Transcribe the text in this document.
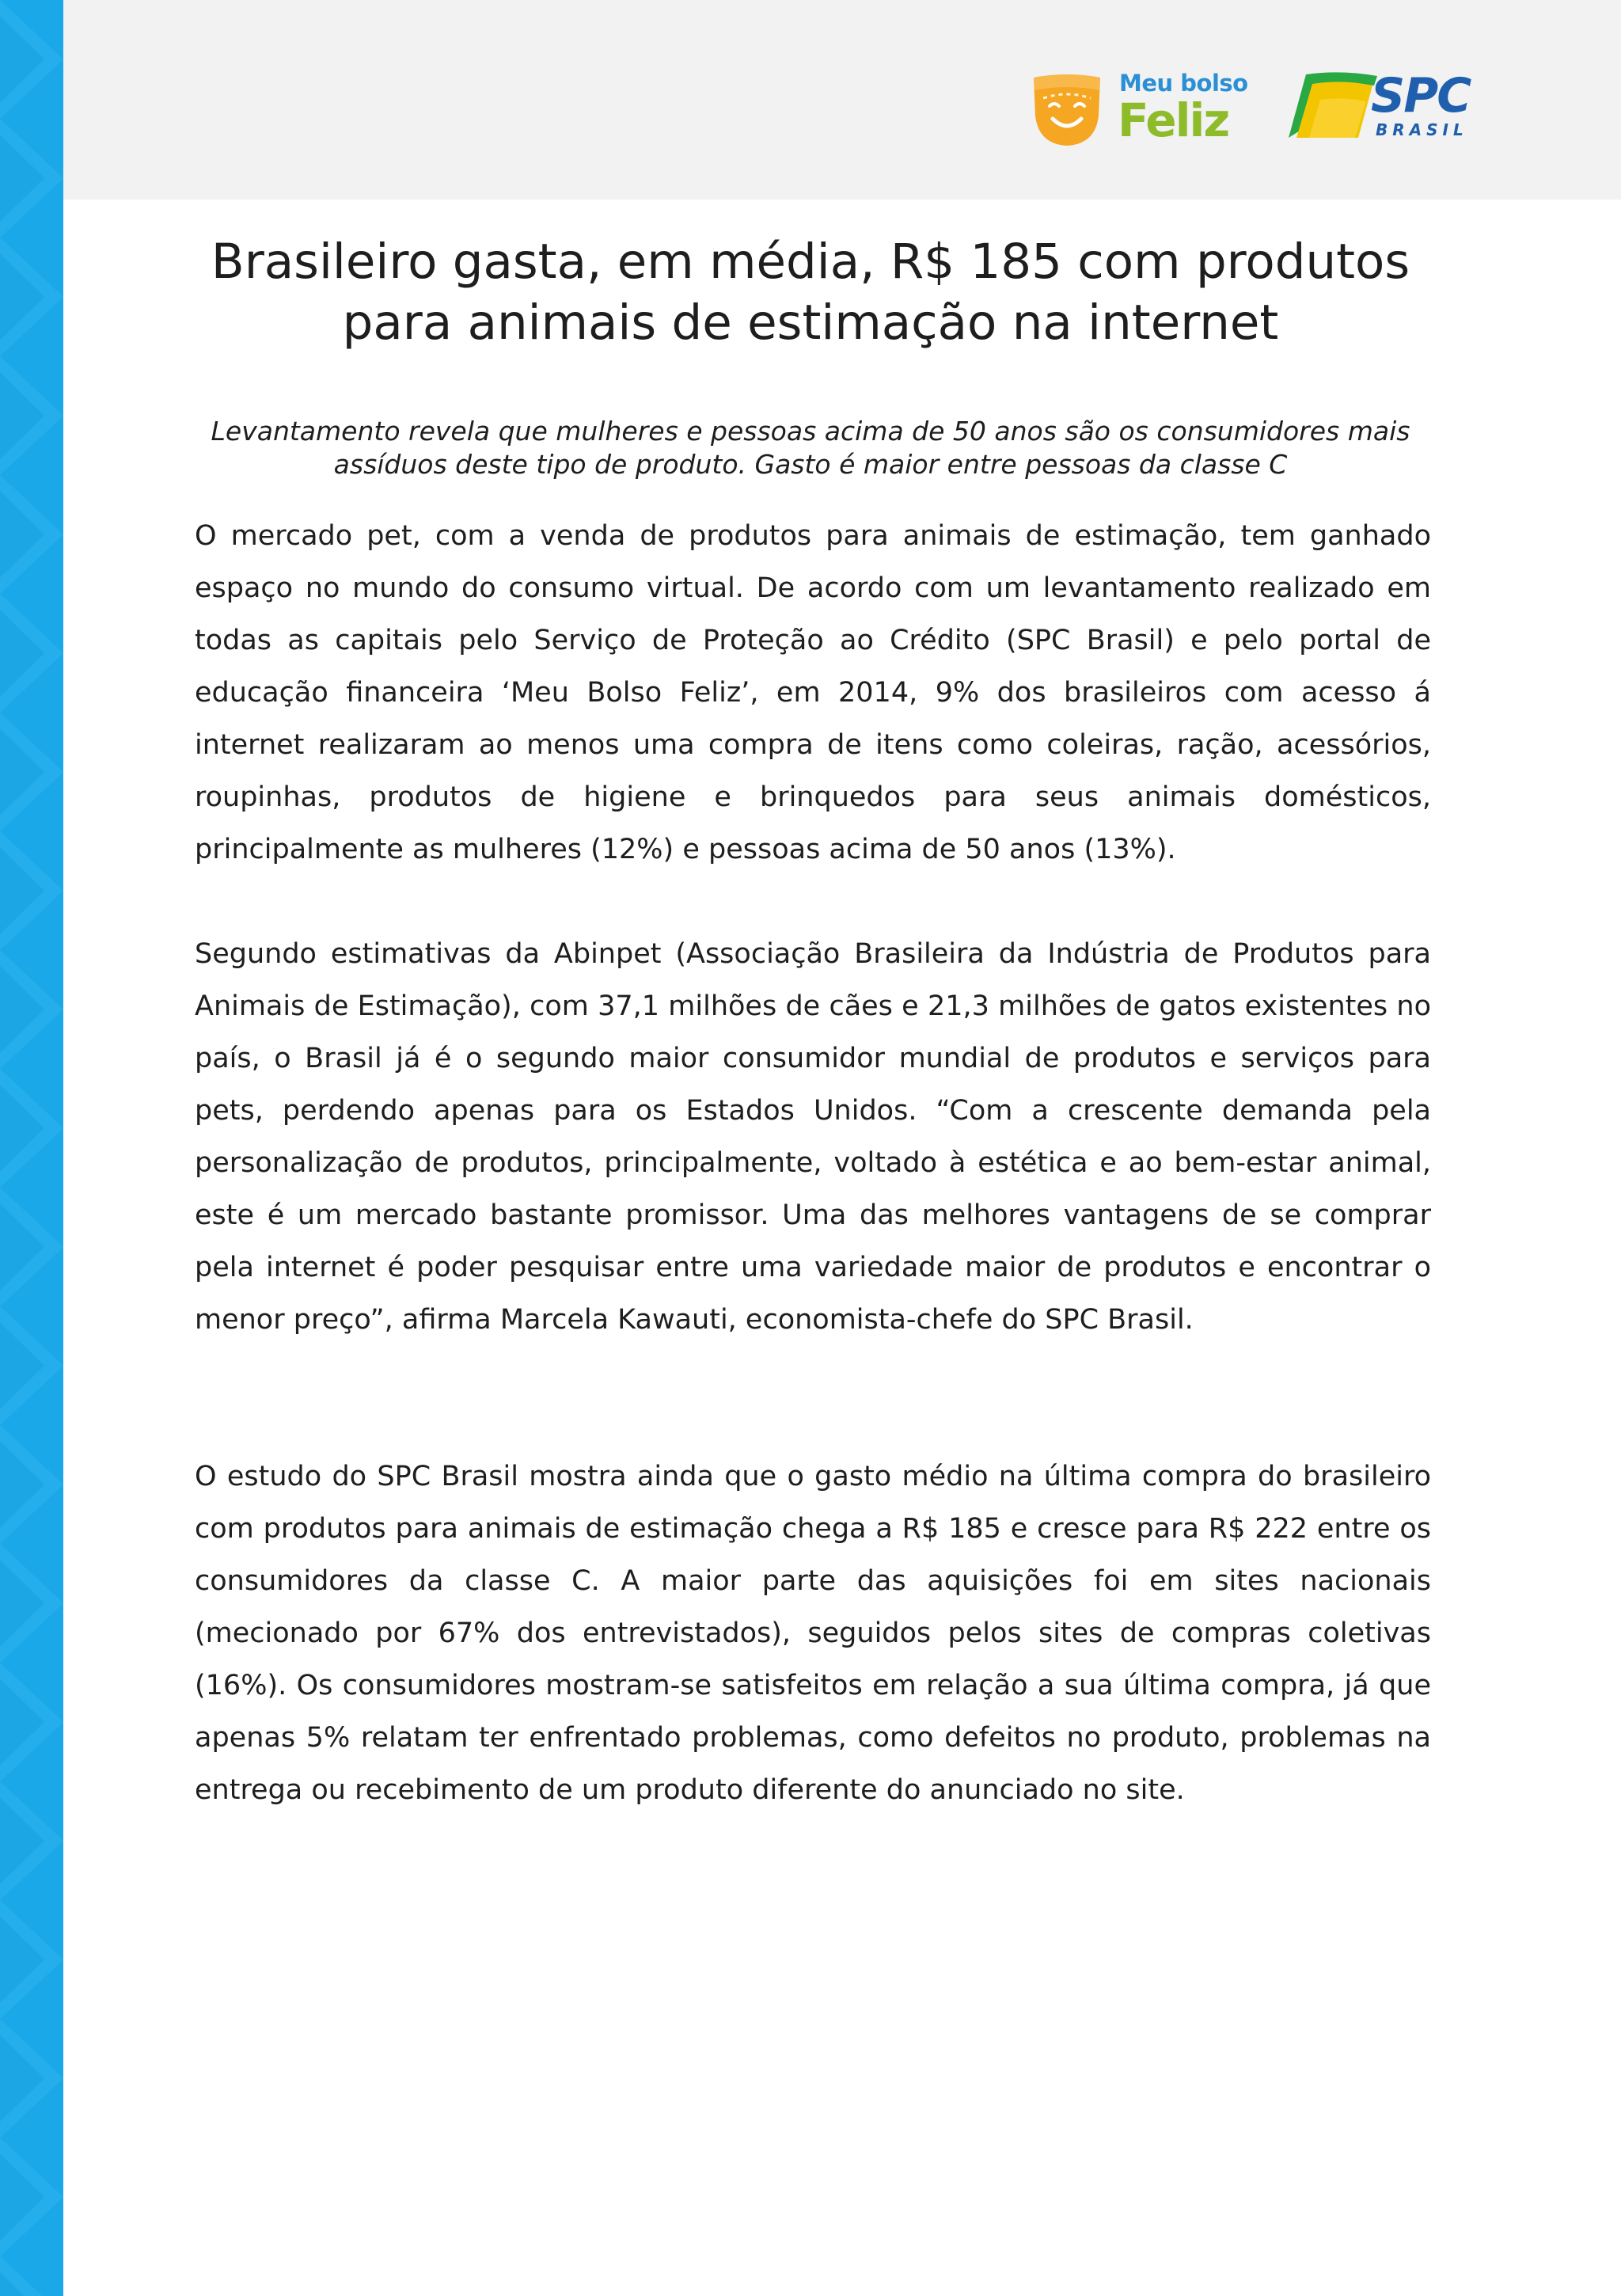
Meu bolso
Feliz	SPC
BRASIL
Brasileiro gasta, em média, R$ 185 com produtos para animais de estimação na internet

Levantamento revela que mulheres e pessoas acima de 50 anos são os consumidores mais assíduos deste tipo de produto. Gasto é maior entre pessoas da classe C

O mercado pet, com a venda de produtos para animais de estimação, tem ganhado espaço no mundo do consumo virtual. De acordo com um levantamento realizado em todas as capitais pelo Serviço de Proteção ao Crédito (SPC Brasil) e pelo portal de educação financeira ‘Meu Bolso Feliz’, em 2014, 9% dos brasileiros com acesso á internet realizaram ao menos uma compra de itens como coleiras, ração, acessórios, roupinhas, produtos de higiene e brinquedos para seus animais domésticos, principalmente as mulheres (12%) e pessoas acima de 50 anos (13%).

Segundo estimativas da Abinpet (Associação Brasileira da Indústria de Produtos para Animais de Estimação), com 37,1 milhões de cães e 21,3 milhões de gatos existentes no país, o Brasil já é o segundo maior consumidor mundial de produtos e serviços para pets, perdendo apenas para os Estados Unidos. “Com a crescente demanda pela personalização de produtos, principalmente, voltado à estética e ao bem-estar animal, este é um mercado bastante promissor. Uma das melhores vantagens de se comprar pela internet é poder pesquisar entre uma variedade maior de produtos e encontrar o menor preço”, afirma Marcela Kawauti, economista-chefe do SPC Brasil.

O estudo do SPC Brasil mostra ainda que o gasto médio na última compra do brasileiro com produtos para animais de estimação chega a R$ 185 e cresce para R$ 222 entre os consumidores da classe C. A maior parte das aquisições foi em sites nacionais (mecionado por 67% dos entrevistados), seguidos pelos sites de compras coletivas (16%). Os consumidores mostram-se satisfeitos em relação a sua última compra, já que apenas 5% relatam ter enfrentado problemas, como defeitos no produto, problemas na entrega ou recebimento de um produto diferente do anunciado no site.
